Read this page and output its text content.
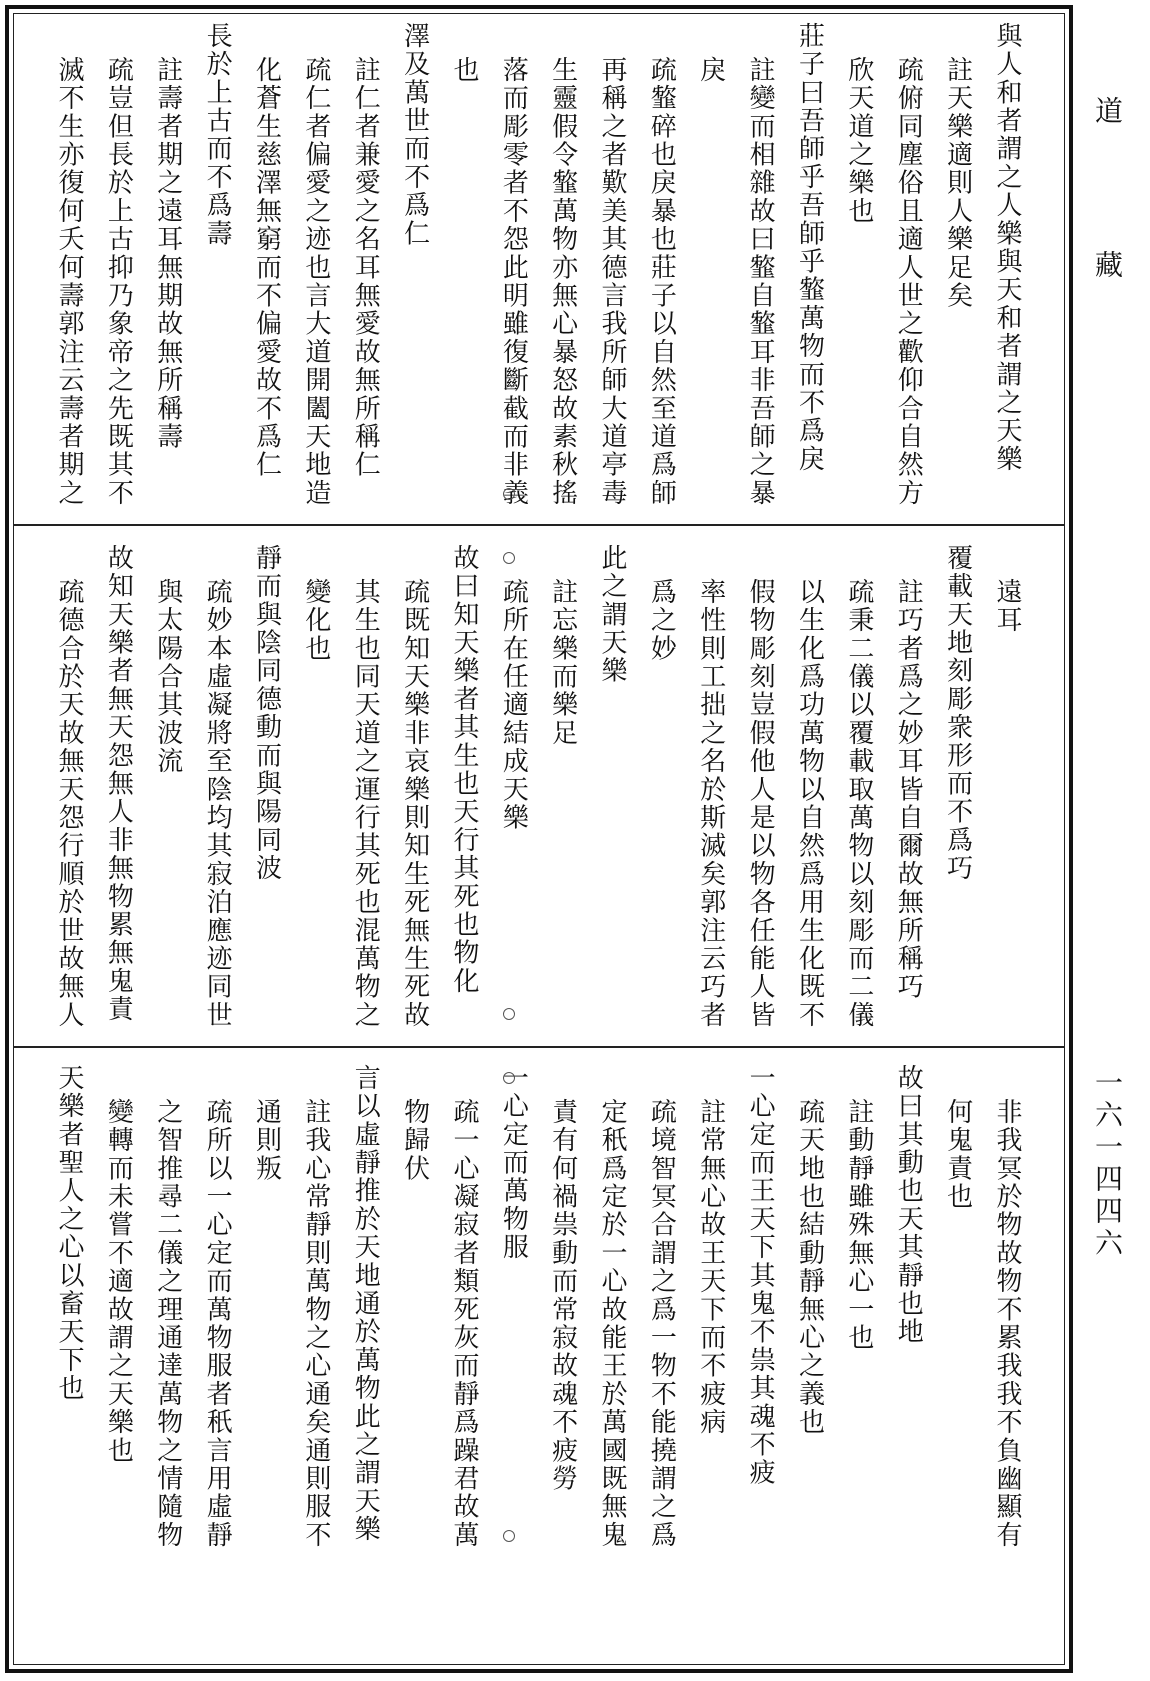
與人和者謂之人樂與天和者謂之天樂
註天樂適則人樂足矣
疏俯同塵俗且適人世之歡仰合自然方
欣天道之樂也
莊子曰吾師乎吾師乎䪠萬物而不爲戾
註變而相雜故曰䪠自䪠耳非吾師之暴
戾
疏䪠碎也戾暴也莊子以自然至道爲師
再稱之者歎美其德言我所師大道亭毒
生靈假令䪠萬物亦無心暴怒故素秋搖
落而彫零者不怨此明雖復斷截而非義
也
澤及萬世而不爲仁
註仁者兼愛之名耳無愛故無所稱仁
疏仁者偏愛之迹也言大道開闔天地造
化蒼生慈澤無窮而不偏愛故不爲仁
長於上古而不爲壽
註壽者期之遠耳無期故無所稱壽
疏豈但長於上古抑乃象帝之先既其不
滅不生亦復何夭何壽郭注云壽者期之
遠耳
覆載天地刻彫衆形而不爲巧
註巧者爲之妙耳皆自爾故無所稱巧
疏秉二儀以覆載取萬物以刻彫而二儀
以生化爲功萬物以自然爲用生化既不
假物彫刻豈假他人是以物各任能人皆
率性則工拙之名於斯滅矣郭注云巧者
爲之妙
此之謂天樂
註忘樂而樂足
疏所在任適結成天樂
故曰知天樂者其生也天行其死也物化
疏既知天樂非哀樂則知生死無生死故
其生也同天道之運行其死也混萬物之
變化也
靜而與陰同德動而與陽同波
疏妙本虛凝將至陰均其寂泊應迹同世
與太陽合其波流
故知天樂者無天怨無人非無物累無鬼責
疏德合於天故無天怨行順於世故無人
非我冥於物故物不累我我不負幽顯有
何鬼責也
故曰其動也天其靜也地
註動靜雖殊無心一也
疏天地也結動靜無心之義也
一心定而王天下其鬼不祟其魂不疲
註常無心故王天下而不疲病
疏境智冥合謂之爲一物不能撓謂之爲
定秖爲定於一心故能王於萬國既無鬼
責有何禍祟動而常寂故魂不疲勞
一心定而萬物服
疏一心凝寂者類死灰而靜爲躁君故萬
物歸伏
言以虛靜推於天地通於萬物此之謂天樂
註我心常靜則萬物之心通矣通則服不
通則叛
疏所以一心定而萬物服者秖言用虛靜
之智推尋二儀之理通達萬物之情隨物
變轉而未嘗不適故謂之天樂也
天樂者聖人之心以畜天下也
道
藏
一六一四四六
